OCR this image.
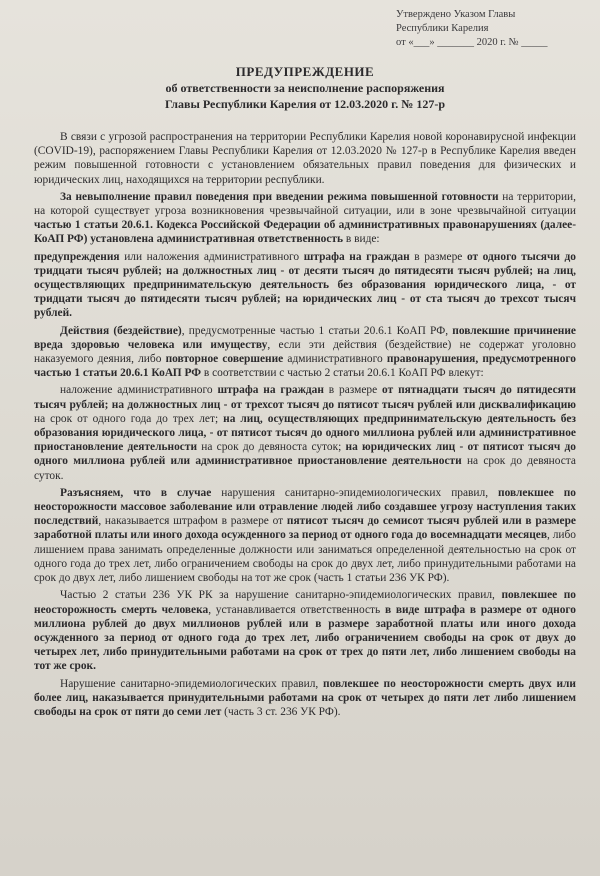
Утверждено Указом Главы
Республики Карелия
от «___» _______ 2020 г. № _____
ПРЕДУПРЕЖДЕНИЕ
об ответственности за неисполнение распоряжения
Главы Республики Карелия от 12.03.2020 г. № 127-р

В связи с угрозой распространения на территории Республики Карелия новой коронавирусной инфекции (COVID-19), распоряжением Главы Республики Карелия от 12.03.2020 № 127-р в Республике Карелия введен режим повышенной готовности с установлением обязательных правил поведения для физических и юридических лиц, находящихся на территории республики.

За невыполнение правил поведения при введении режима повышенной готовности на территории, на которой существует угроза возникновения чрезвычайной ситуации, или в зоне чрезвычайной ситуации частью 1 статьи 20.6.1. Кодекса Российской Федерации об административных правонарушениях (далее-КоАП РФ) установлена административная ответственность в виде:

предупреждения или наложения административного штрафа на граждан в размере от одного тысячи до тридцати тысяч рублей; на должностных лиц - от десяти тысяч до пятидесяти тысяч рублей; на лиц, осуществляющих предпринимательскую деятельность без образования юридического лица, - от тридцати тысяч до пятидесяти тысяч рублей; на юридических лиц - от ста тысяч до трехсот тысяч рублей.

Действия (бездействие), предусмотренные частью 1 статьи 20.6.1 КоАП РФ, повлекшие причинение вреда здоровью человека или имуществу, если эти действия (бездействие) не содержат уголовно наказуемого деяния, либо повторное совершение административного правонарушения, предусмотренного частью 1 статьи 20.6.1 КоАП РФ в соответствии с частью 2 статьи 20.6.1 КоАП РФ влекут:

наложение административного штрафа на граждан в размере от пятнадцати тысяч до пятидесяти тысяч рублей; на должностных лиц - от трехсот тысяч до пятисот тысяч рублей или дисквалификацию на срок от одного года до трех лет; на лиц, осуществляющих предпринимательскую деятельность без образования юридического лица, - от пятисот тысяч до одного миллиона рублей или административное приостановление деятельности на срок до девяноста суток; на юридических лиц - от пятисот тысяч до одного миллиона рублей или административное приостановление деятельности на срок до девяноста суток.

Разъясняем, что в случае нарушения санитарно-эпидемиологических правил, повлекшее по неосторожности массовое заболевание или отравление людей либо создавшее угрозу наступления таких последствий, наказывается штрафом в размере от пятисот тысяч до семисот тысяч рублей или в размере заработной платы или иного дохода осужденного за период от одного года до восемнадцати месяцев, либо лишением права занимать определенные должности или заниматься определенной деятельностью на срок от одного года до трех лет, либо ограничением свободы на срок до двух лет, либо принудительными работами на срок до двух лет, либо лишением свободы на тот же срок (часть 1 статьи 236 УК РФ).

Частью 2 статьи 236 УК РК за нарушение санитарно-эпидемиологических правил, повлекшее по неосторожность смерть человека, устанавливается ответственность в виде штрафа в размере от одного миллиона рублей до двух миллионов рублей или в размере заработной платы или иного дохода осужденного за период от одного года до трех лет, либо ограничением свободы на срок от двух до четырех лет, либо принудительными работами на срок от трех до пяти лет, либо лишением свободы на тот же срок.

Нарушение санитарно-эпидемиологических правил, повлекшее по неосторожности смерть двух или более лиц, наказывается принудительными работами на срок от четырех до пяти лет либо лишением свободы на срок от пяти до семи лет (часть 3 ст. 236 УК РФ).
